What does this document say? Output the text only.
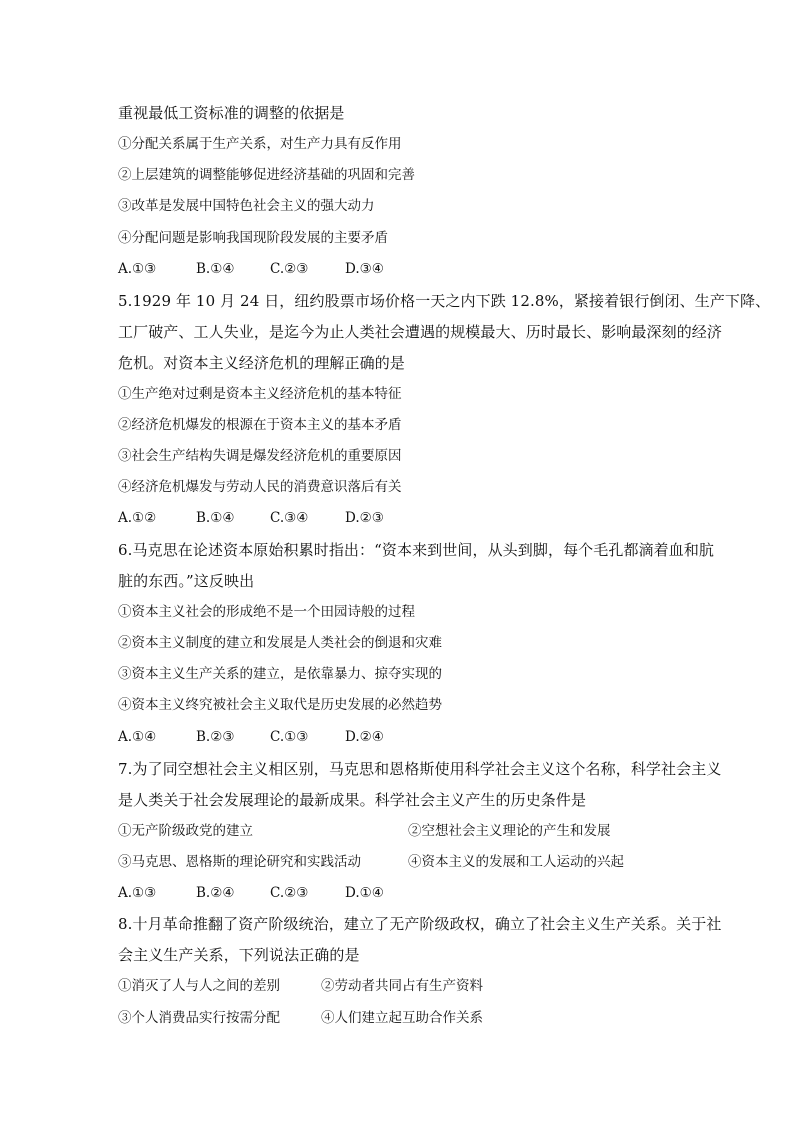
重视最低工资标准的调整的依据是
①分配关系属于生产关系，对生产力具有反作用
②上层建筑的调整能够促进经济基础的巩固和完善
③改革是发展中国特色社会主义的强大动力
④分配问题是影响我国现阶段发展的主要矛盾
A.①③	B.①④	C.②③	D.③④
5.1929 年 10 月 24 日，纽约股票市场价格一天之内下跌 12.8%，紧接着银行倒闭、生产下降、
工厂破产、工人失业，是迄今为止人类社会遭遇的规模最大、历时最长、影响最深刻的经济
危机。对资本主义经济危机的理解正确的是
①生产绝对过剩是资本主义经济危机的基本特征
②经济危机爆发的根源在于资本主义的基本矛盾
③社会生产结构失调是爆发经济危机的重要原因
④经济危机爆发与劳动人民的消费意识落后有关
A.①②	B.①④	C.③④	D.②③
6.马克思在论述资本原始积累时指出：“资本来到世间，从头到脚，每个毛孔都滴着血和肮
脏的东西。”这反映出
①资本主义社会的形成绝不是一个田园诗般的过程
②资本主义制度的建立和发展是人类社会的倒退和灾难
③资本主义生产关系的建立，是依靠暴力、掠夺实现的
④资本主义终究被社会主义取代是历史发展的必然趋势
A.①④	B.②③	C.①③	D.②④
7.为了同空想社会主义相区别，马克思和恩格斯使用科学社会主义这个名称，科学社会主义
是人类关于社会发展理论的最新成果。科学社会主义产生的历史条件是
①无产阶级政党的建立	②空想社会主义理论的产生和发展
③马克思、恩格斯的理论研究和实践活动	④资本主义的发展和工人运动的兴起
A.①③	B.②④	C.②③	D.①④
8.十月革命推翻了资产阶级统治，建立了无产阶级政权，确立了社会主义生产关系。关于社
会主义生产关系，下列说法正确的是
①消灭了人与人之间的差别	②劳动者共同占有生产资料
③个人消费品实行按需分配	④人们建立起互助合作关系
